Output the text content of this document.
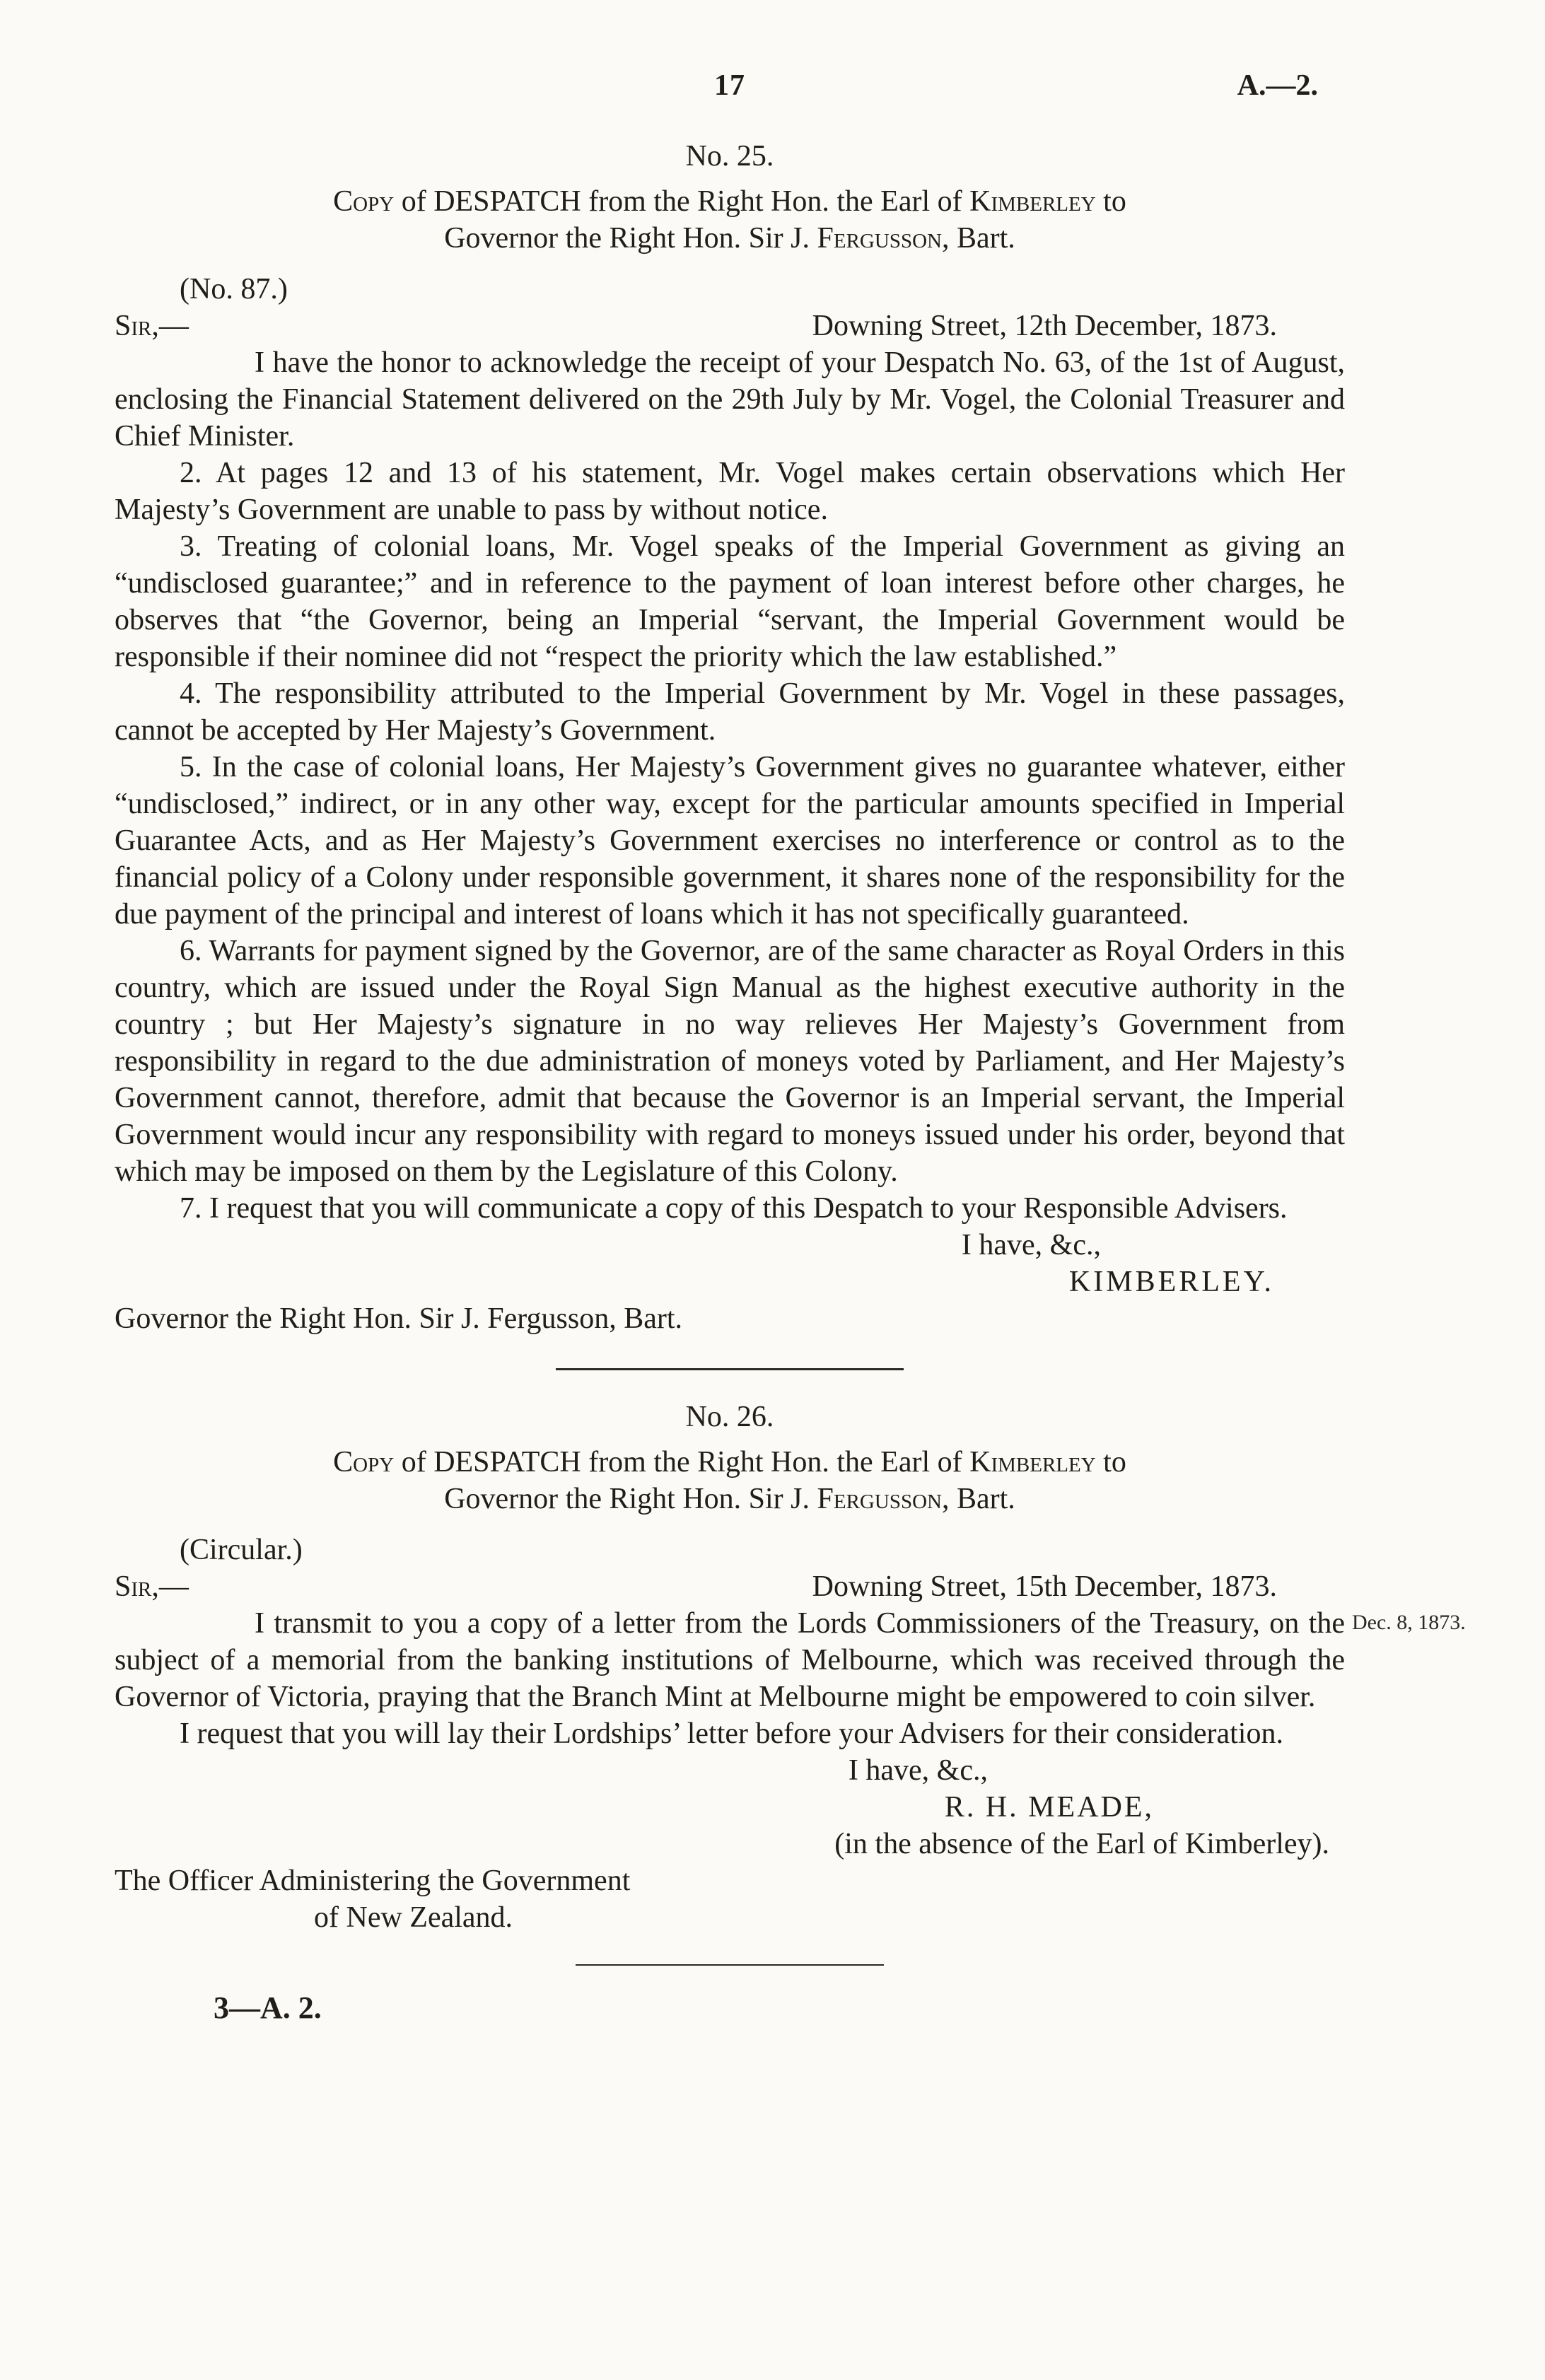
17	A.—2.
No. 25.
Copy of DESPATCH from the Right Hon. the Earl of Kimberley to
Governor the Right Hon. Sir J. Fergusson, Bart.
(No. 87.)
Sir,—	Downing Street, 12th December, 1873.

I have the honor to acknowledge the receipt of your Despatch No. 63, of the 1st of August, enclosing the Financial Statement delivered on the 29th July by Mr. Vogel, the Colonial Treasurer and Chief Minister.

2. At pages 12 and 13 of his statement, Mr. Vogel makes certain observations which Her Majesty’s Government are unable to pass by without notice.

3. Treating of colonial loans, Mr. Vogel speaks of the Imperial Government as giving an “undisclosed guarantee;” and in reference to the payment of loan interest before other charges, he observes that “the Governor, being an Imperial “servant, the Imperial Government would be responsible if their nominee did not “respect the priority which the law established.”

4. The responsibility attributed to the Imperial Government by Mr. Vogel in these passages, cannot be accepted by Her Majesty’s Government.

5. In the case of colonial loans, Her Majesty’s Government gives no guarantee whatever, either “undisclosed,” indirect, or in any other way, except for the particular amounts specified in Imperial Guarantee Acts, and as Her Majesty’s Government exercises no interference or control as to the financial policy of a Colony under responsible government, it shares none of the responsibility for the due payment of the principal and interest of loans which it has not specifically guaranteed.

6. Warrants for payment signed by the Governor, are of the same character as Royal Orders in this country, which are issued under the Royal Sign Manual as the highest executive authority in the country ; but Her Majesty’s signature in no way relieves Her Majesty’s Government from responsibility in regard to the due administration of moneys voted by Parliament, and Her Majesty’s Government cannot, therefore, admit that because the Governor is an Imperial servant, the Imperial Government would incur any responsibility with regard to moneys issued under his order, beyond that which may be imposed on them by the Legislature of this Colony.

7. I request that you will communicate a copy of this Despatch to your Responsible Advisers.

I have, &c.,
KIMBERLEY.
Governor the Right Hon. Sir J. Fergusson, Bart.
No. 26.
Copy of DESPATCH from the Right Hon. the Earl of Kimberley to
Governor the Right Hon. Sir J. Fergusson, Bart.
(Circular.)
Sir,—	Downing Street, 15th December, 1873.

I transmit to you a copy of a letter from the Lords Commissioners of the Treasury, on the subject of a memorial from the banking institutions of Melbourne, which was received through the Governor of Victoria, praying that the Branch Mint at Melbourne might be empowered to coin silver.

Dec. 8, 1873.

I request that you will lay their Lordships’ letter before your Advisers for their consideration.

I have, &c.,
R. H. MEADE,
(in the absence of the Earl of Kimberley).
The Officer Administering the Government
of New Zealand.
3—A. 2.
